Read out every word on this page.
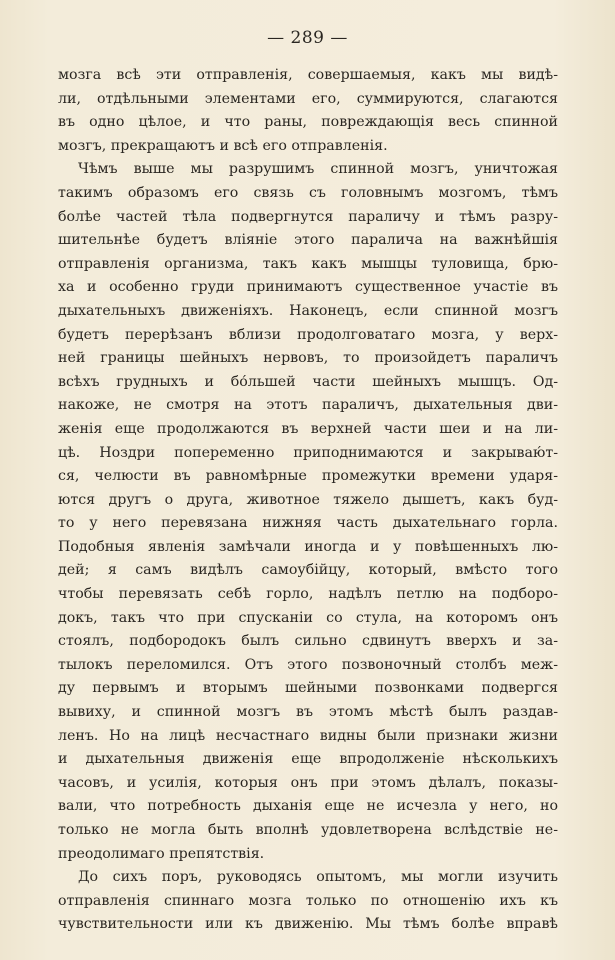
— 289 —
мозга всѣ эти отправленія, совершаемыя, какъ мы видѣ-
ли, отдѣльными элементами его, суммируются, слагаются
въ одно цѣлое, и что раны, повреждающія весь спинной
мозгъ, прекращаютъ и всѣ его отправленія.
Чѣмъ выше мы разрушимъ спинной мозгъ, уничтожая
такимъ образомъ его связь съ головнымъ мозгомъ, тѣмъ
болѣе частей тѣла подвергнутся параличу и тѣмъ разру-
шительнѣе будетъ вліяніе этого паралича на важнѣйшія
отправленія организма, такъ какъ мышцы туловища, брю-
ха и особенно груди принимаютъ существенное участіе въ
дыхательныхъ движеніяхъ. Наконецъ, если спинной мозгъ
будетъ перерѣзанъ вблизи продолговатаго мозга, у верх-
ней границы шейныхъ нервовъ, то произойдетъ параличъ
всѣхъ грудныхъ и бо́льшей части шейныхъ мышцъ. Од-
накоже, не смотря на этотъ параличъ, дыхательныя дви-
женія еще продолжаются въ верхней части шеи и на ли-
цѣ. Ноздри попеременно приподнимаются и закрываю́т-
ся, челюсти въ равномѣрные промежутки времени ударя-
ются другъ о друга, животное тяжело дышетъ, какъ буд-
то у него перевязана нижняя часть дыхательнаго горла.
Подобныя явленія замѣчали иногда и у повѣшенныхъ лю-
дей; я самъ видѣлъ самоубійцу, который, вмѣсто того
чтобы перевязать себѣ горло, надѣлъ петлю на подборо-
докъ, такъ что при спусканіи со стула, на которомъ онъ
стоялъ, подбородокъ былъ сильно сдвинутъ вверхъ и за-
тылокъ переломился. Отъ этого позвоночный столбъ меж-
ду первымъ и вторымъ шейными позвонками подвергся
вывиху, и спинной мозгъ въ этомъ мѣстѣ былъ раздав-
ленъ. Но на лицѣ несчастнаго видны были признаки жизни
и дыхательныя движенія еще впродолженіе нѣсколькихъ
часовъ, и усилія, которыя онъ при этомъ дѣлалъ, показы-
вали, что потребность дыханія еще не исчезла у него, но
только не могла быть вполнѣ удовлетворена вслѣдствіе не-
преодолимаго препятствія.
До сихъ поръ, руководясь опытомъ, мы могли изучить
отправленія спиннаго мозга только по отношенію ихъ къ
чувствительности или къ движенію. Мы тѣмъ болѣе вправѣ
